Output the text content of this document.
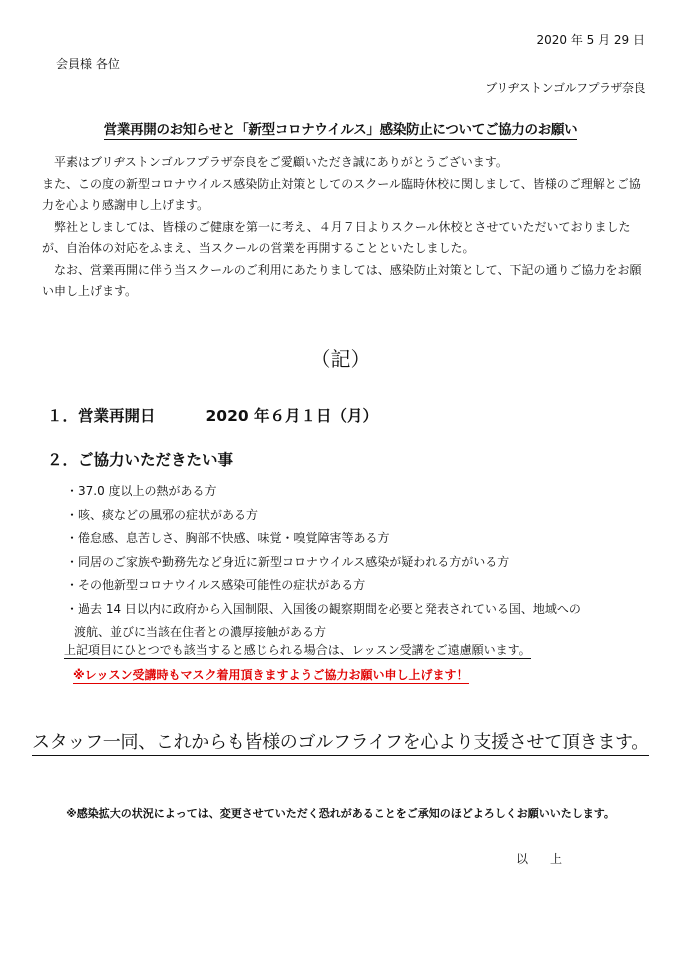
2020 年 5 月 29 日
会員様 各位
ブリヂストンゴルフプラザ奈良
営業再開のお知らせと「新型コロナウイルス」感染防止についてご協力のお願い

　平素はブリヂストンゴルフプラザ奈良をご愛顧いただき誠にありがとうございます。

また、この度の新型コロナウイルス感染防止対策としてのスクール臨時休校に関しまして、皆様のご理解とご協力を心より感謝申し上げます。

　弊社としましては、皆様のご健康を第一に考え、４月７日よりスクール休校とさせていただいておりましたが、自治体の対応をふまえ、当スクールの営業を再開することといたしました。

　なお、営業再開に伴う当スクールのご利用にあたりましては、感染防止対策として、下記の通りご協力をお願い申し上げます。

（記）
１．営業再開日	2020 年６月１日（月）
２．ご協力いただきたい事
・37.0 度以上の熱がある方
・咳、痰などの風邪の症状がある方
・倦怠感、息苦しさ、胸部不快感、味覚・嗅覚障害等ある方
・同居のご家族や勤務先など身近に新型コロナウイルス感染が疑われる方がいる方
・その他新型コロナウイルス感染可能性の症状がある方
・過去 14 日以内に政府から入国制限、入国後の観察期間を必要と発表されている国、地域への
渡航、並びに当該在住者との濃厚接触がある方
上記項目にひとつでも該当すると感じられる場合は、レッスン受講をご遠慮願います。
※レッスン受講時もマスク着用頂きますようご協力お願い申し上げます！
スタッフ一同、これからも皆様のゴルフライフを心より支援させて頂きます。
※感染拡大の状況によっては、変更させていただく恐れがあることをご承知のほどよろしくお願いいたします。
以上
